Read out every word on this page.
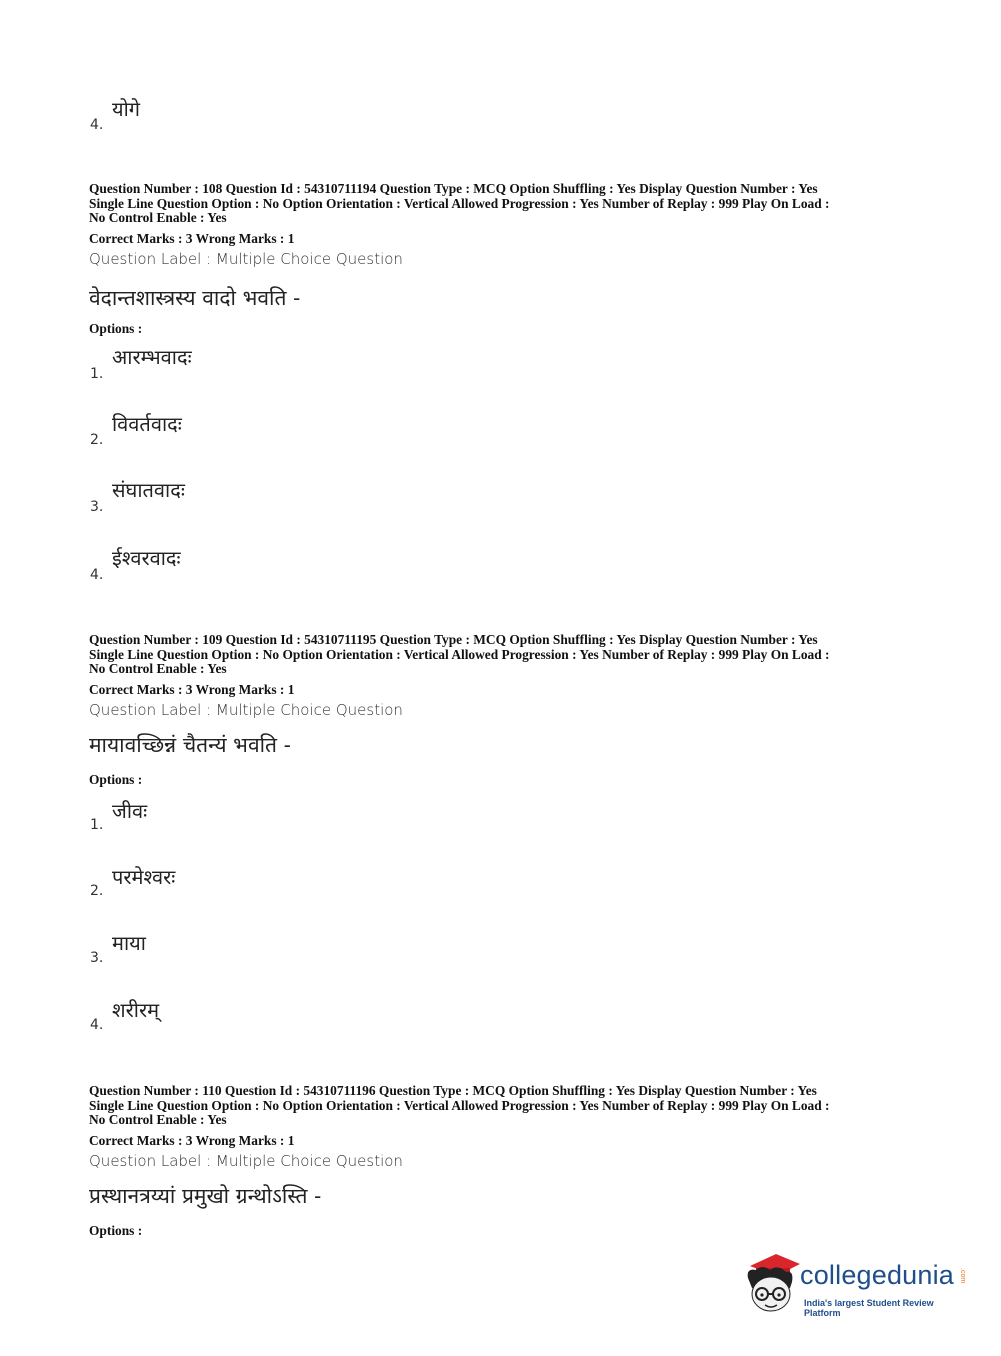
4.
योगे
Question Number : 108 Question Id : 54310711194 Question Type : MCQ Option Shuffling : Yes Display Question Number : Yes
Single Line Question Option : No Option Orientation : Vertical Allowed Progression : Yes Number of Replay : 999 Play On Load :
No Control Enable : Yes
Correct Marks : 3 Wrong Marks : 1
Question Label : Multiple Choice Question
वेदान्तशास्त्रस्य वादो भवति -
Options :
1.
आरम्भवादः
2.
विवर्तवादः
3.
संघातवादः
4.
ईश्वरवादः
Question Number : 109 Question Id : 54310711195 Question Type : MCQ Option Shuffling : Yes Display Question Number : Yes
Single Line Question Option : No Option Orientation : Vertical Allowed Progression : Yes Number of Replay : 999 Play On Load :
No Control Enable : Yes
Correct Marks : 3 Wrong Marks : 1
Question Label : Multiple Choice Question
मायावच्छिन्नं चैतन्यं भवति -
Options :
1.
जीवः
2.
परमेश्वरः
3.
माया
4.
शरीरम्
Question Number : 110 Question Id : 54310711196 Question Type : MCQ Option Shuffling : Yes Display Question Number : Yes
Single Line Question Option : No Option Orientation : Vertical Allowed Progression : Yes Number of Replay : 999 Play On Load :
No Control Enable : Yes
Correct Marks : 3 Wrong Marks : 1
Question Label : Multiple Choice Question
प्रस्थानत्रय्यां प्रमुखो ग्रन्थोऽस्ति -
Options :
collegedunia .com
India's largest Student Review Platform
